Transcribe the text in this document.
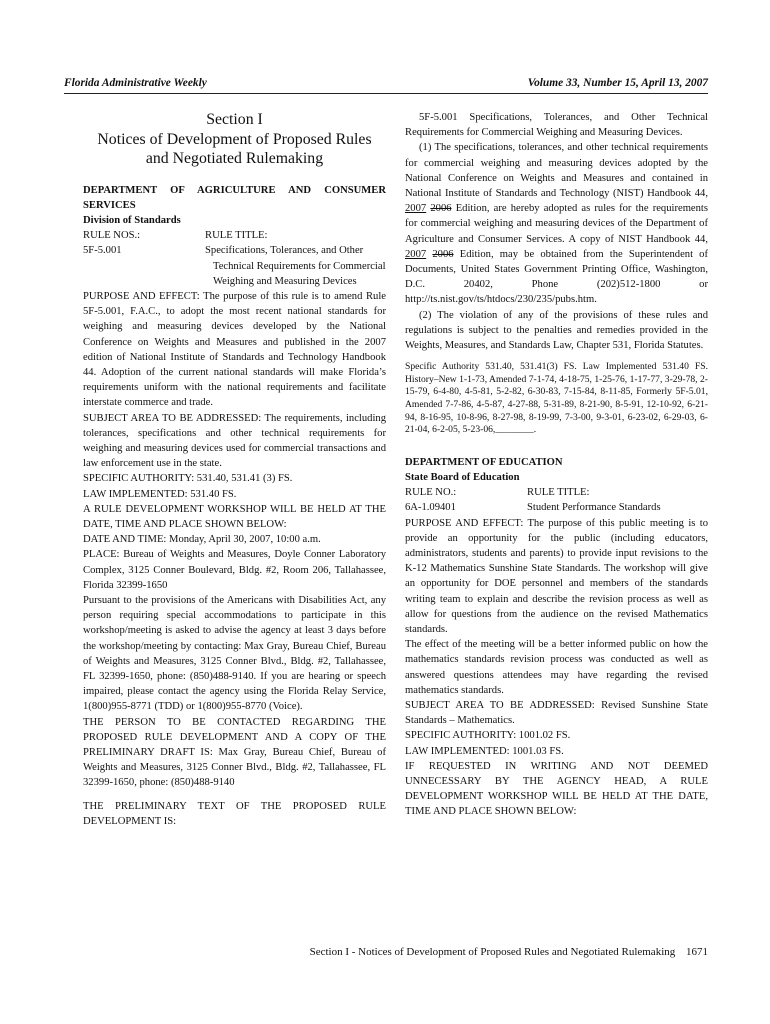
Florida Administrative Weekly	Volume 33, Number 15, April 13, 2007
Section I
Notices of Development of Proposed Rules
and Negotiated Rulemaking

DEPARTMENT OF AGRICULTURE AND CONSUMER SERVICES

Division of Standards

RULE NOS.:	RULE TITLE:
5F-5.001	Specifications, Tolerances, and Other Technical Requirements for Commercial Weighing and Measuring Devices

PURPOSE AND EFFECT: The purpose of this rule is to amend Rule 5F-5.001, F.A.C., to adopt the most recent national standards for weighing and measuring devices developed by the National Conference on Weights and Measures and published in the 2007 edition of National Institute of Standards and Technology Handbook 44. Adoption of the current national standards will make Florida’s requirements uniform with the national requirements and facilitate interstate commerce and trade.

SUBJECT AREA TO BE ADDRESSED: The requirements, including tolerances, specifications and other technical requirements for weighing and measuring devices used for commercial transactions and law enforcement use in the state.

SPECIFIC AUTHORITY: 531.40, 531.41 (3) FS.

LAW IMPLEMENTED: 531.40 FS.

A RULE DEVELOPMENT WORKSHOP WILL BE HELD AT THE DATE, TIME AND PLACE SHOWN BELOW:

DATE AND TIME: Monday, April 30, 2007, 10:00 a.m.

PLACE: Bureau of Weights and Measures, Doyle Conner Laboratory Complex, 3125 Conner Boulevard, Bldg. #2, Room 206, Tallahassee, Florida 32399-1650

Pursuant to the provisions of the Americans with Disabilities Act, any person requiring special accommodations to participate in this workshop/meeting is asked to advise the agency at least 3 days before the workshop/meeting by contacting: Max Gray, Bureau Chief, Bureau of Weights and Measures, 3125 Conner Blvd., Bldg. #2, Tallahassee, FL 32399-1650, phone: (850)488-9140. If you are hearing or speech impaired, please contact the agency using the Florida Relay Service, 1(800)955-8771 (TDD) or 1(800)955-8770 (Voice).

THE PERSON TO BE CONTACTED REGARDING THE PROPOSED RULE DEVELOPMENT AND A COPY OF THE PRELIMINARY DRAFT IS: Max Gray, Bureau Chief, Bureau of Weights and Measures, 3125 Conner Blvd., Bldg. #2, Tallahassee, FL 32399-1650, phone: (850)488-9140

THE PRELIMINARY TEXT OF THE PROPOSED RULE DEVELOPMENT IS:

5F-5.001 Specifications, Tolerances, and Other Technical Requirements for Commercial Weighing and Measuring Devices.

(1) The specifications, tolerances, and other technical requirements for commercial weighing and measuring devices adopted by the National Conference on Weights and Measures and contained in National Institute of Standards and Technology (NIST) Handbook 44, 2007 2006 Edition, are hereby adopted as rules for the requirements for commercial weighing and measuring devices of the Department of Agriculture and Consumer Services. A copy of NIST Handbook 44, 2007 2006 Edition, may be obtained from the Superintendent of Documents, United States Government Printing Office, Washington, D.C. 20402, Phone (202)512-1800 or http://ts.nist.gov/ts/htdocs/230/235/pubs.htm.

(2) The violation of any of the provisions of these rules and regulations is subject to the penalties and remedies provided in the Weights, Measures, and Standards Law, Chapter 531, Florida Statutes.

Specific Authority 531.40, 531.41(3) FS. Law Implemented 531.40 FS. History–New 1-1-73, Amended 7-1-74, 4-18-75, 1-25-76, 1-17-77, 3-29-78, 2-15-79, 6-4-80, 4-5-81, 5-2-82, 6-30-83, 7-15-84, 8-11-85, Formerly 5F-5.01, Amended 7-7-86, 4-5-87, 4-27-88, 5-31-89, 8-21-90, 8-5-91, 12-10-92, 6-21-94, 8-16-95, 10-8-96, 8-27-98, 8-19-99, 7-3-00, 9-3-01, 6-23-02, 6-29-03, 6-21-04, 6-2-05, 5-23-06,________.

DEPARTMENT OF EDUCATION

State Board of Education

RULE NO.:	RULE TITLE:
6A-1.09401	Student Performance Standards

PURPOSE AND EFFECT: The purpose of this public meeting is to provide an opportunity for the public (including educators, administrators, students and parents) to provide input revisions to the K-12 Mathematics Sunshine State Standards. The workshop will give an opportunity for DOE personnel and members of the standards writing team to explain and describe the revision process as well as allow for questions from the audience on the revised Mathematics standards.

The effect of the meeting will be a better informed public on how the mathematics standards revision process was conducted as well as answered questions attendees may have regarding the revised mathematics standards.

SUBJECT AREA TO BE ADDRESSED: Revised Sunshine State Standards – Mathematics.

SPECIFIC AUTHORITY: 1001.02 FS.

LAW IMPLEMENTED: 1001.03 FS.

IF REQUESTED IN WRITING AND NOT DEEMED UNNECESSARY BY THE AGENCY HEAD, A RULE DEVELOPMENT WORKSHOP WILL BE HELD AT THE DATE, TIME AND PLACE SHOWN BELOW:

Section I - Notices of Development of Proposed Rules and Negotiated Rulemaking 1671
